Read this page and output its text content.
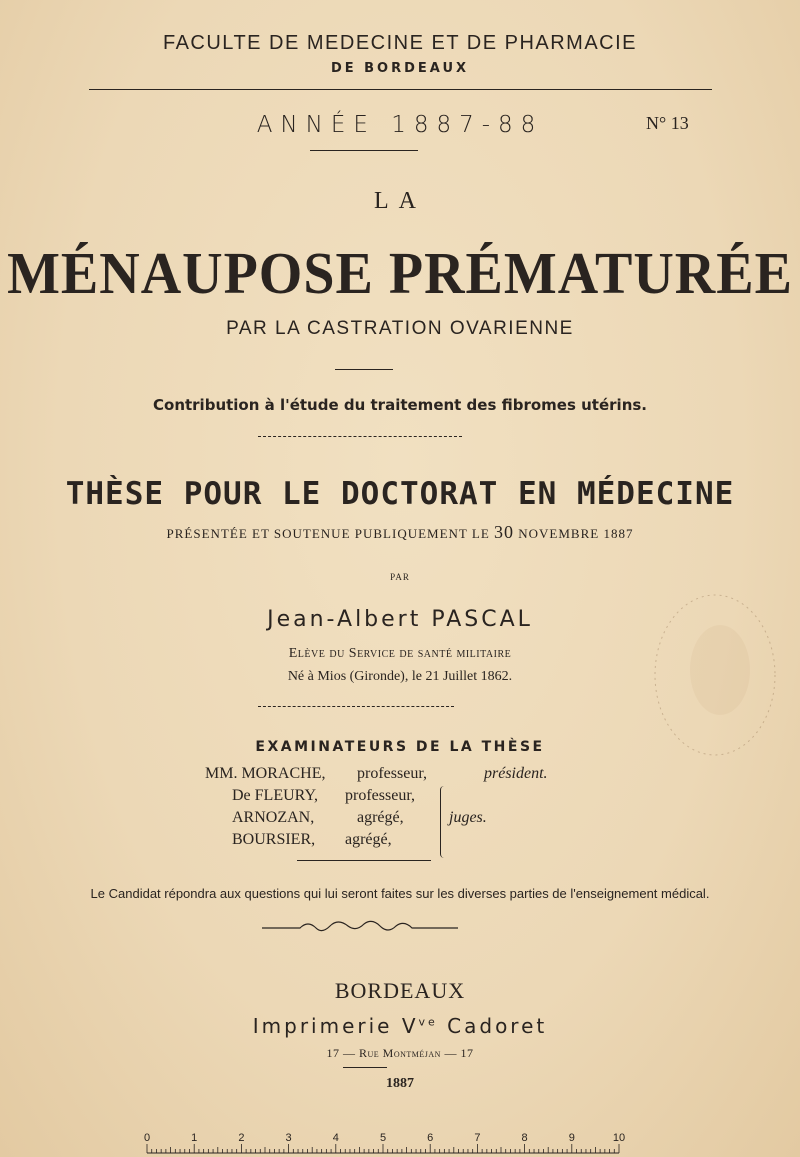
FACULTE DE MEDECINE ET DE PHARMACIE
DE BORDEAUX
ANNÉE 1887-88	N° 13
LA
MÉNAUPOSE PRÉMATURÉE
PAR LA CASTRATION OVARIENNE
Contribution à l'étude du traitement des fibromes utérins.
THÈSE POUR LE DOCTORAT EN MÉDECINE
PRÉSENTÉE ET SOUTENUE PUBLIQUEMENT LE 30 NOVEMBRE 1887
PAR
Jean-Albert PASCAL
Elève du Service de santé militaire
Né à Mios (Gironde), le 21 Juillet 1862.
EXAMINATEURS DE LA THÈSE
MM. MORACHE, professeur,	président.
De FLEURY, professeur,
ARNOZAN,	agrégé,	juges.
BOURSIER, agrégé,
Le Candidat répondra aux questions qui lui seront faites sur les diverses parties de l'enseignement médical.
BORDEAUX
Imprimerie $V^{ve}$ Cadoret
17 — Rue Montméjan — 17
1887
0	1	2	3	4	5	6	7	8	9	10
